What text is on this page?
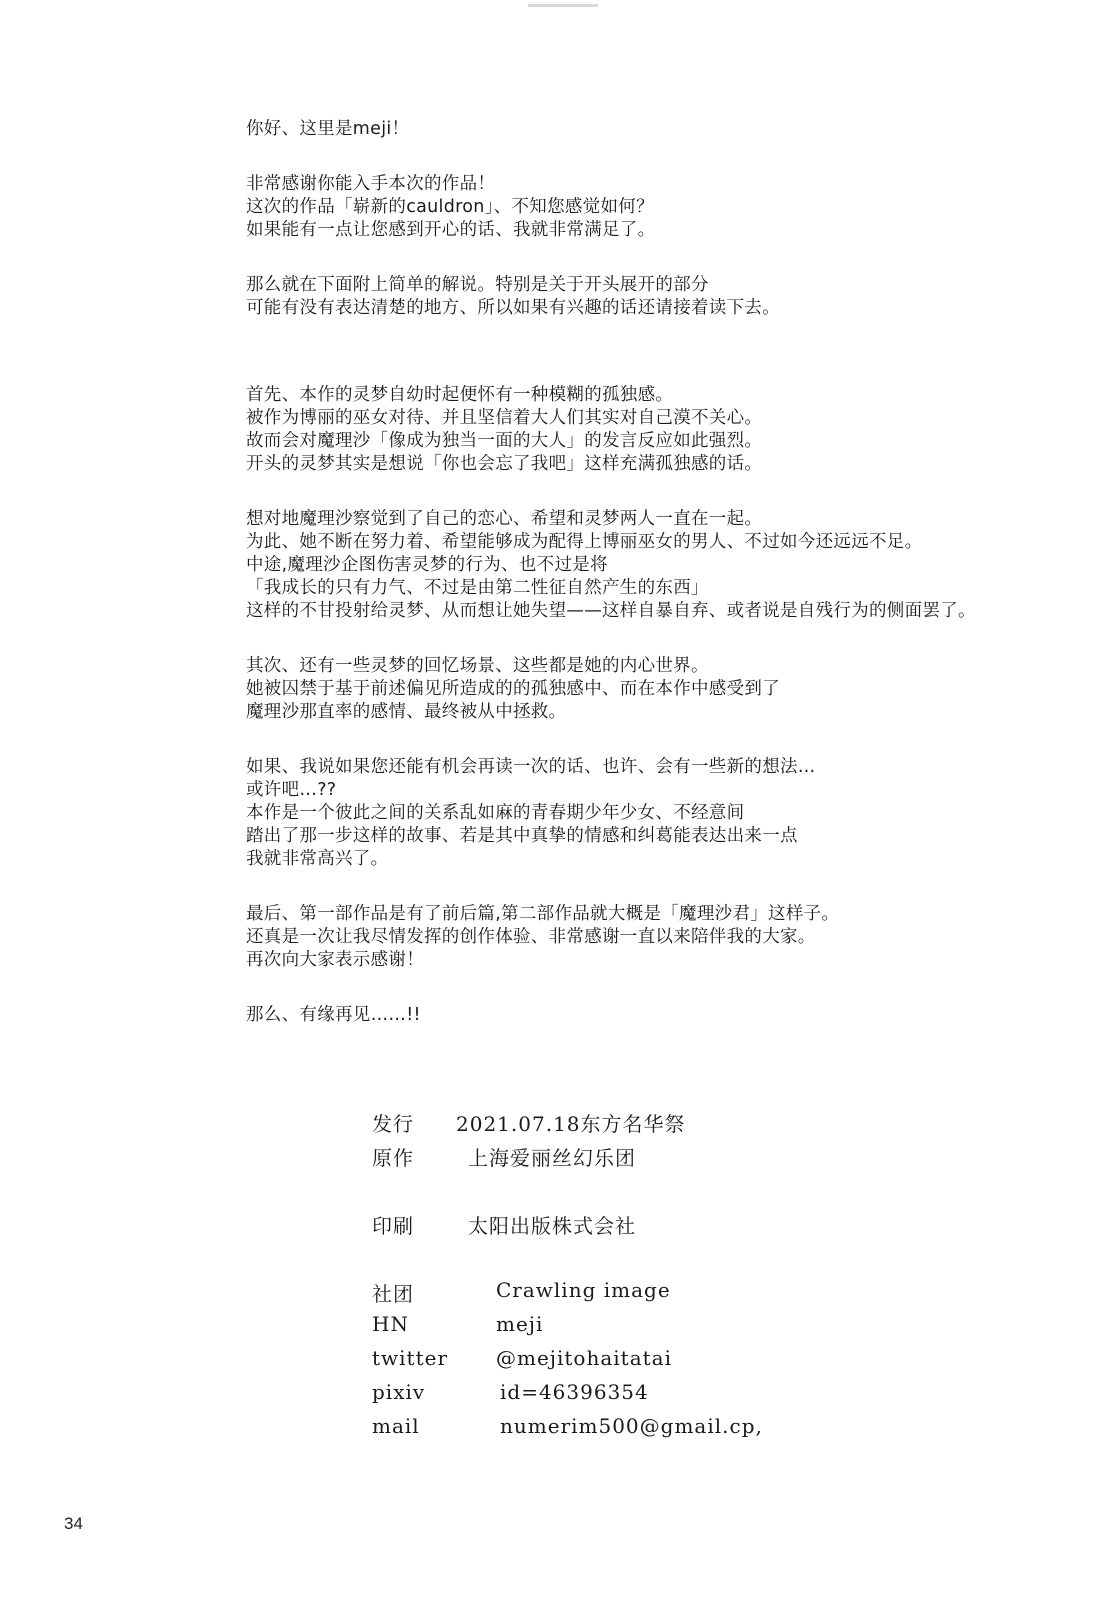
你好、这里是meji！
非常感谢你能入手本次的作品！
这次的作品「崭新的cauldron」、不知您感觉如何？
如果能有一点让您感到开心的话、我就非常满足了。
那么就在下面附上简单的解说。特别是关于开头展开的部分
可能有没有表达清楚的地方、所以如果有兴趣的话还请接着读下去。
首先、本作的灵梦自幼时起便怀有一种模糊的孤独感。
被作为博丽的巫女对待、并且坚信着大人们其实对自己漠不关心。
故而会对魔理沙「像成为独当一面的大人」的发言反应如此强烈。
开头的灵梦其实是想说「你也会忘了我吧」这样充满孤独感的话。
想对地魔理沙察觉到了自己的恋心、希望和灵梦两人一直在一起。
为此、她不断在努力着、希望能够成为配得上博丽巫女的男人、不过如今还远远不足。
中途,魔理沙企图伤害灵梦的行为、也不过是将
「我成长的只有力气、不过是由第二性征自然产生的东西」
这样的不甘投射给灵梦、从而想让她失望——这样自暴自弃、或者说是自残行为的侧面罢了。
其次、还有一些灵梦的回忆场景、这些都是她的内心世界。
她被囚禁于基于前述偏见所造成的的孤独感中、而在本作中感受到了
魔理沙那直率的感情、最终被从中拯救。
如果、我说如果您还能有机会再读一次的话、也许、会有一些新的想法…
或许吧…??
本作是一个彼此之间的关系乱如麻的青春期少年少女、不经意间
踏出了那一步这样的故事、若是其中真挚的情感和纠葛能表达出来一点
我就非常高兴了。
最后、第一部作品是有了前后篇,第二部作品就大概是「魔理沙君」这样子。
还真是一次让我尽情发挥的创作体验、非常感谢一直以来陪伴我的大家。
再次向大家表示感谢！
那么、有缘再见……!!
发行 2021.07.18东方名华祭
原作	上海爱丽丝幻乐团
印刷	太阳出版株式会社
社团	Crawling image
HN	meji
twitter @mejitohaitatai
pixiv	id=46396354
mail	numerim500@gmail.cp,
34
